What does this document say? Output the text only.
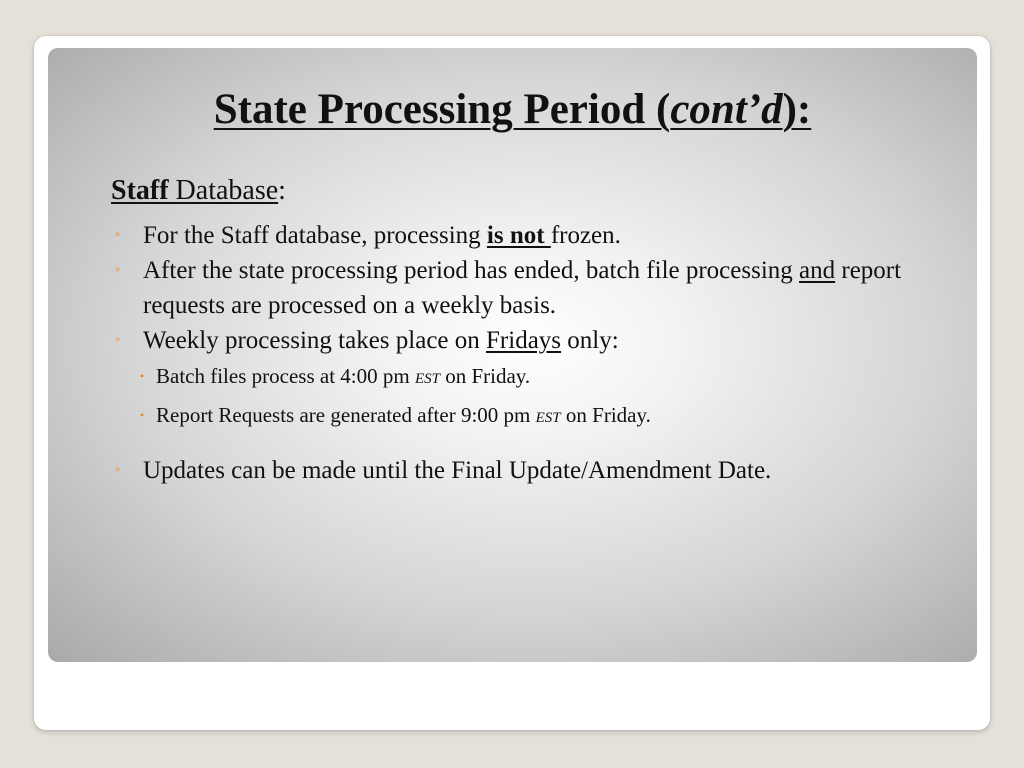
State Processing Period (cont’d):
Staff Database:
◦ For the Staff database, processing is not frozen.
◦ After the state processing period has ended, batch file processing and report requests are processed on a weekly basis.
◦ Weekly processing takes place on Fridays only:
• Batch files process at 4:00 pm EST on Friday.
• Report Requests are generated after 9:00 pm EST on Friday.
◦ Updates can be made until the Final Update/Amendment Date.
